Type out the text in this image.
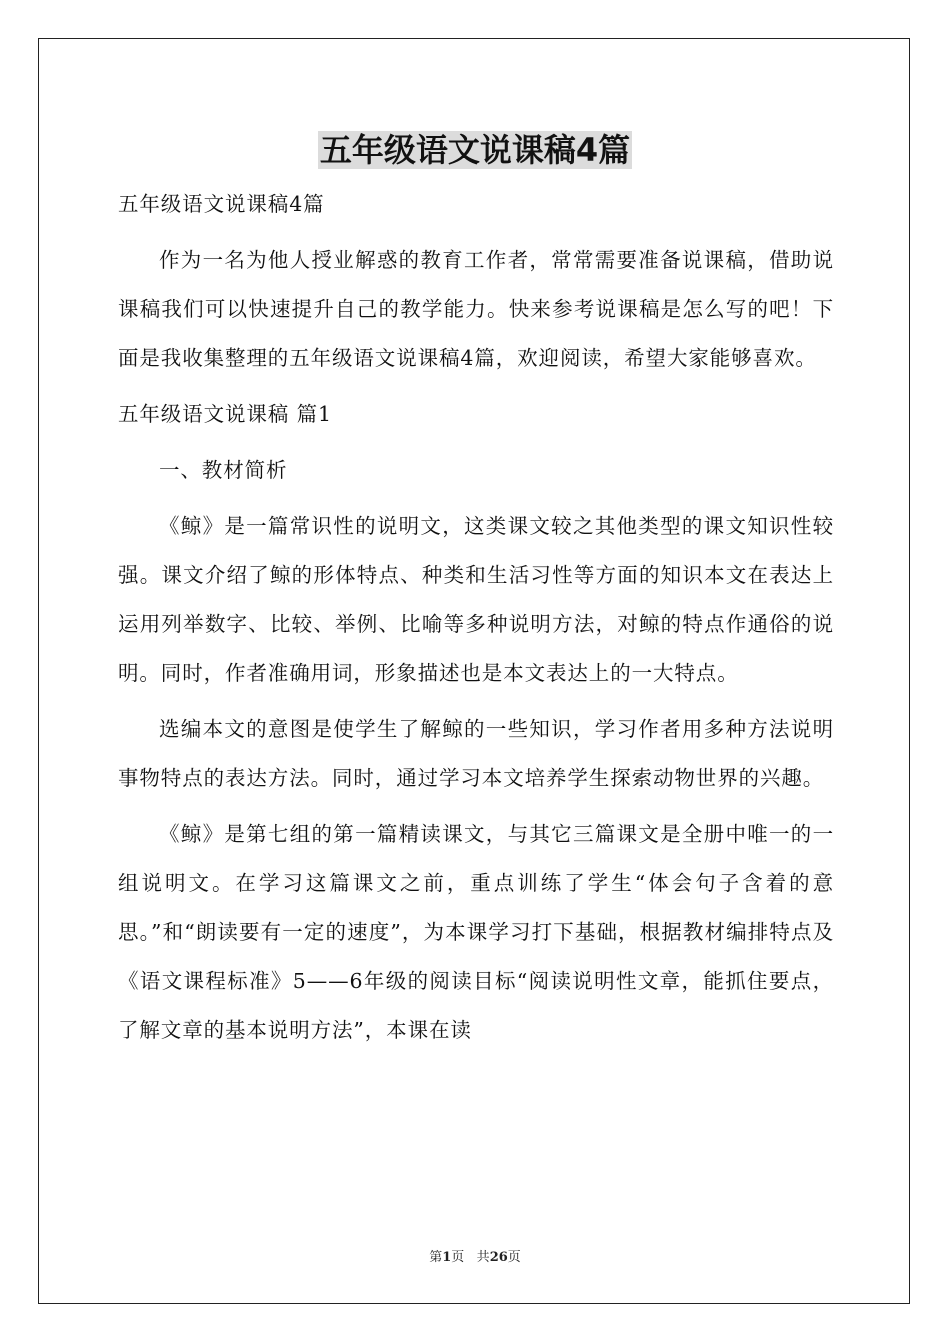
五年级语文说课稿4篇

五年级语文说课稿4篇

作为一名为他人授业解惑的教育工作者，常常需要准备说课稿，借助说课稿我们可以快速提升自己的教学能力。快来参考说课稿是怎么写的吧！下面是我收集整理的五年级语文说课稿4篇，欢迎阅读，希望大家能够喜欢。

五年级语文说课稿 篇1

一、教材简析

《鲸》是一篇常识性的说明文，这类课文较之其他类型的课文知识性较强。课文介绍了鲸的形体特点、种类和生活习性等方面的知识本文在表达上运用列举数字、比较、举例、比喻等多种说明方法，对鲸的特点作通俗的说明。同时，作者准确用词，形象描述也是本文表达上的一大特点。

选编本文的意图是使学生了解鲸的一些知识，学习作者用多种方法说明事物特点的表达方法。同时，通过学习本文培养学生探索动物世界的兴趣。

《鲸》是第七组的第一篇精读课文，与其它三篇课文是全册中唯一的一组说明文。在学习这篇课文之前，重点训练了学生“体会句子含着的意思。”和“朗读要有一定的速度”，为本课学习打下基础，根据教材编排特点及《语文课程标准》5——6年级的阅读目标“阅读说明性文章，能抓住要点，了解文章的基本说明方法”，本课在读

第1页 共26页
